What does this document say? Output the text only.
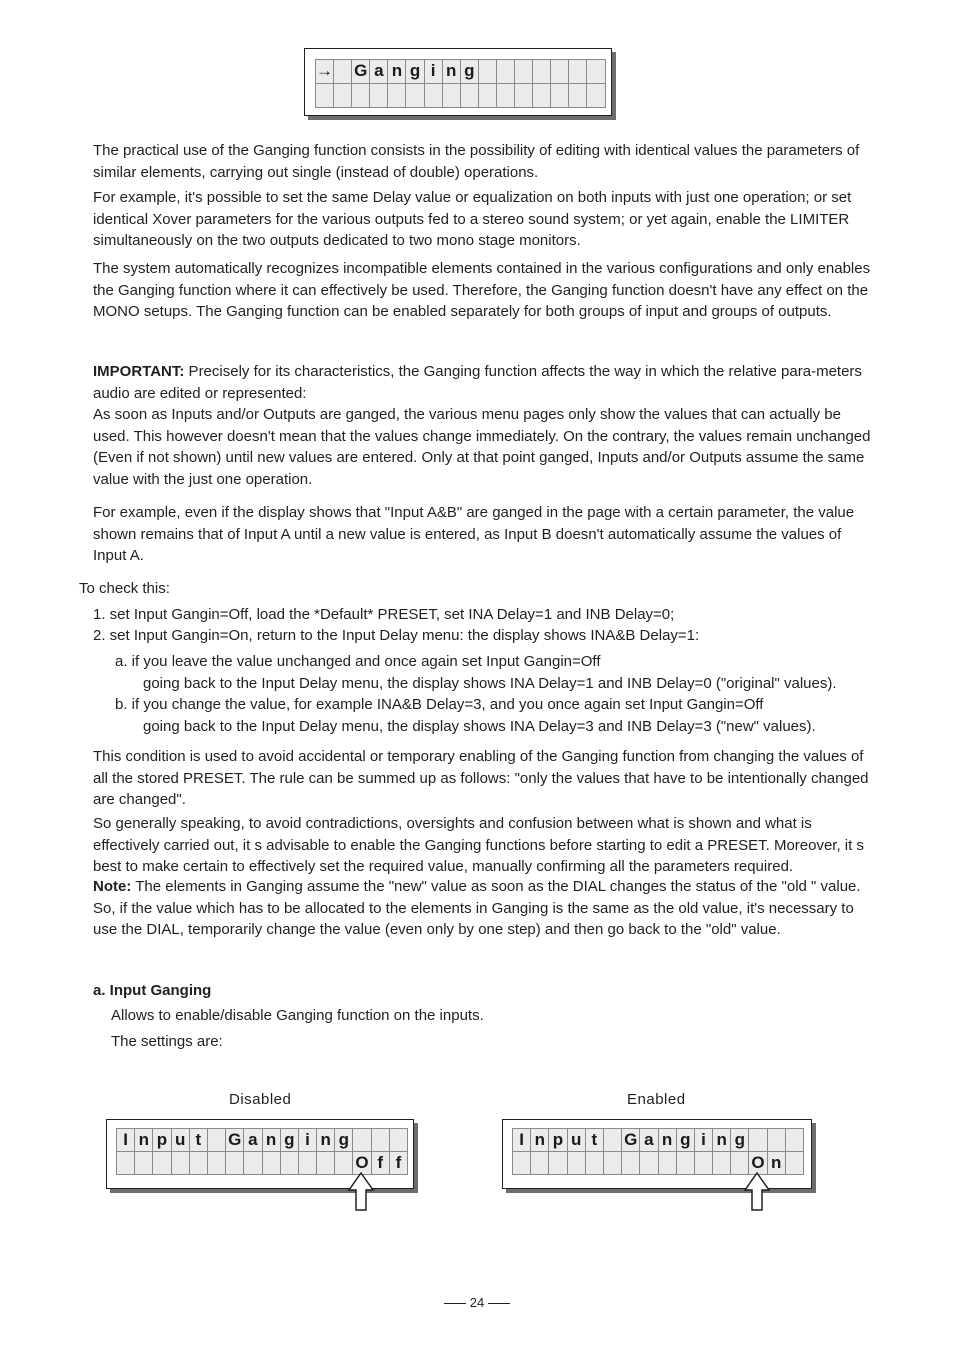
→ G a n g i n g

The practical use of the Ganging function consists in the possibility of editing with identical values the parameters of similar elements, carrying out single (instead of double) operations.

For example, it's possible to set the same Delay value or equalization on both inputs with just one operation; or set identical Xover parameters for the various outputs fed to a stereo sound system; or yet again, enable the LIMITER simultaneously on the two outputs dedicated to two mono stage monitors.

The system automatically recognizes incompatible elements contained in the various configurations and only enables the Ganging function where it can effectively be used. Therefore, the Ganging function doesn't have any effect on the MONO setups. The Ganging function can be enabled separately for both groups of input and groups of outputs.

IMPORTANT: Precisely for its characteristics, the Ganging function affects the way in which the relative para-meters audio are edited or represented:
As soon as Inputs and/or Outputs are ganged, the various menu pages only show the values that can actually be used. This however doesn't mean that the values change immediately. On the contrary, the values remain unchanged (Even if not shown) until new values are entered. Only at that point ganged, Inputs and/or Outputs assume the same value with the just one operation.

For example, even if the display shows that "Input A&B" are ganged in the page with a certain parameter, the value shown remains that of Input A until a new value is entered, as Input B doesn't automatically assume the values of Input A.

To check this:
1. set Input Gangin=Off, load the *Default* PRESET, set INA Delay=1 and INB Delay=0;
2. set Input Gangin=On, return to the Input Delay menu: the display shows INA&B Delay=1:
a. if you leave the value unchanged and once again set Input Gangin=Off
going back to the Input Delay menu, the display shows INA Delay=1 and INB Delay=0 ("original" values).
b. if you change the value, for example INA&B Delay=3, and you once again set Input Gangin=Off
going back to the Input Delay menu, the display shows INA Delay=3 and INB Delay=3 ("new" values).

This condition is used to avoid accidental or temporary enabling of the Ganging function from changing the values of all the stored PRESET. The rule can be summed up as follows: "only the values that have to be intentionally changed are changed".

So generally speaking, to avoid contradictions, oversights and confusion between what is shown and what is effectively carried out, it s advisable to enable the Ganging functions before starting to edit a PRESET. Moreover, it s best to make certain to effectively set the required value, manually confirming all the parameters required.

Note: The elements in Ganging assume the "new" value as soon as the DIAL changes the status of the "old " value. So, if the value which has to be allocated to the elements in Ganging is the same as the old value, it's necessary to use the DIAL, temporarily change the value (even only by one step) and then go back to the "old" value.

a. Input Ganging
Allows to enable/disable Ganging function on the inputs.
The settings are:
Disabled
I n p u t	G a n g i n g
O f f
Enabled
I n p u t	G a n g i n g
O n
24
